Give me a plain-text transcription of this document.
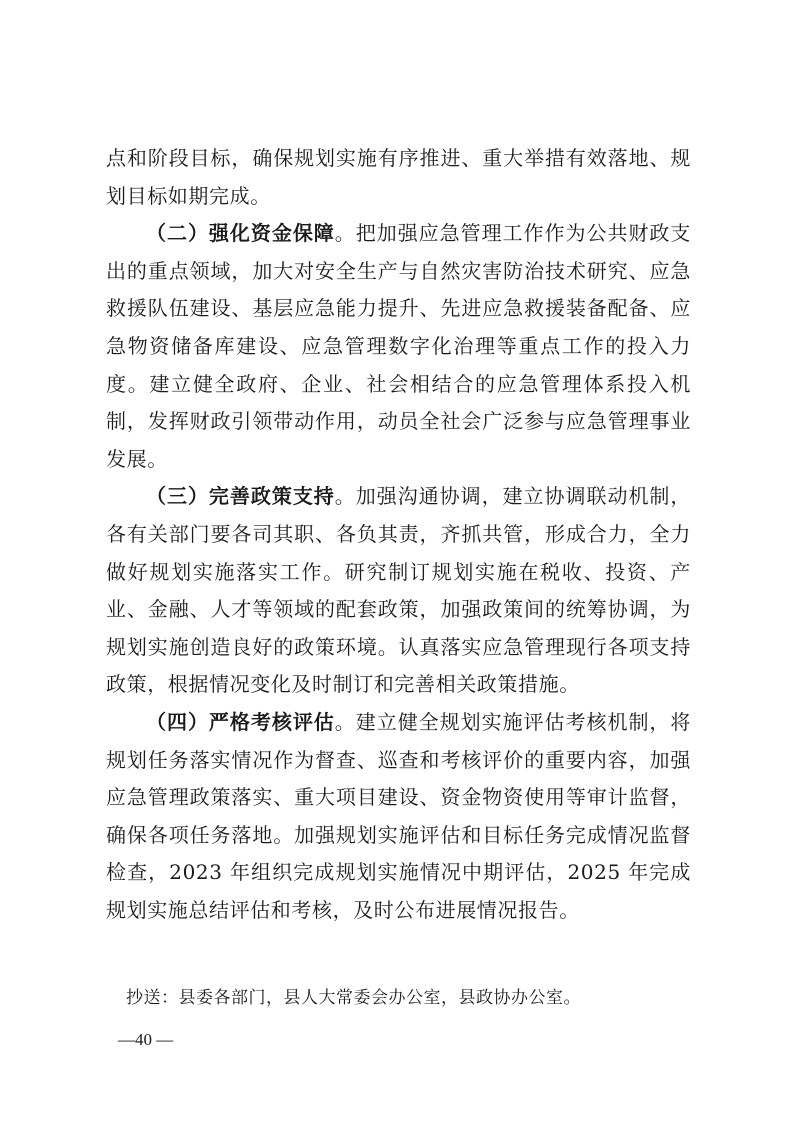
点和阶段目标，确保规划实施有序推进、重大举措有效落地、规划目标如期完成。

（二）强化资金保障。把加强应急管理工作作为公共财政支出的重点领域，加大对安全生产与自然灾害防治技术研究、应急救援队伍建设、基层应急能力提升、先进应急救援装备配备、应急物资储备库建设、应急管理数字化治理等重点工作的投入力度。建立健全政府、企业、社会相结合的应急管理体系投入机制，发挥财政引领带动作用，动员全社会广泛参与应急管理事业发展。

（三）完善政策支持。加强沟通协调，建立协调联动机制，各有关部门要各司其职、各负其责，齐抓共管，形成合力，全力做好规划实施落实工作。研究制订规划实施在税收、投资、产业、金融、人才等领域的配套政策，加强政策间的统筹协调，为规划实施创造良好的政策环境。认真落实应急管理现行各项支持政策，根据情况变化及时制订和完善相关政策措施。

（四）严格考核评估。建立健全规划实施评估考核机制，将规划任务落实情况作为督查、巡查和考核评价的重要内容，加强应急管理政策落实、重大项目建设、资金物资使用等审计监督，确保各项任务落地。加强规划实施评估和目标任务完成情况监督检查，2023 年组织完成规划实施情况中期评估，2025 年完成规划实施总结评估和考核，及时公布进展情况报告。

抄送：县委各部门，县人大常委会办公室，县政协办公室。
—40 —
